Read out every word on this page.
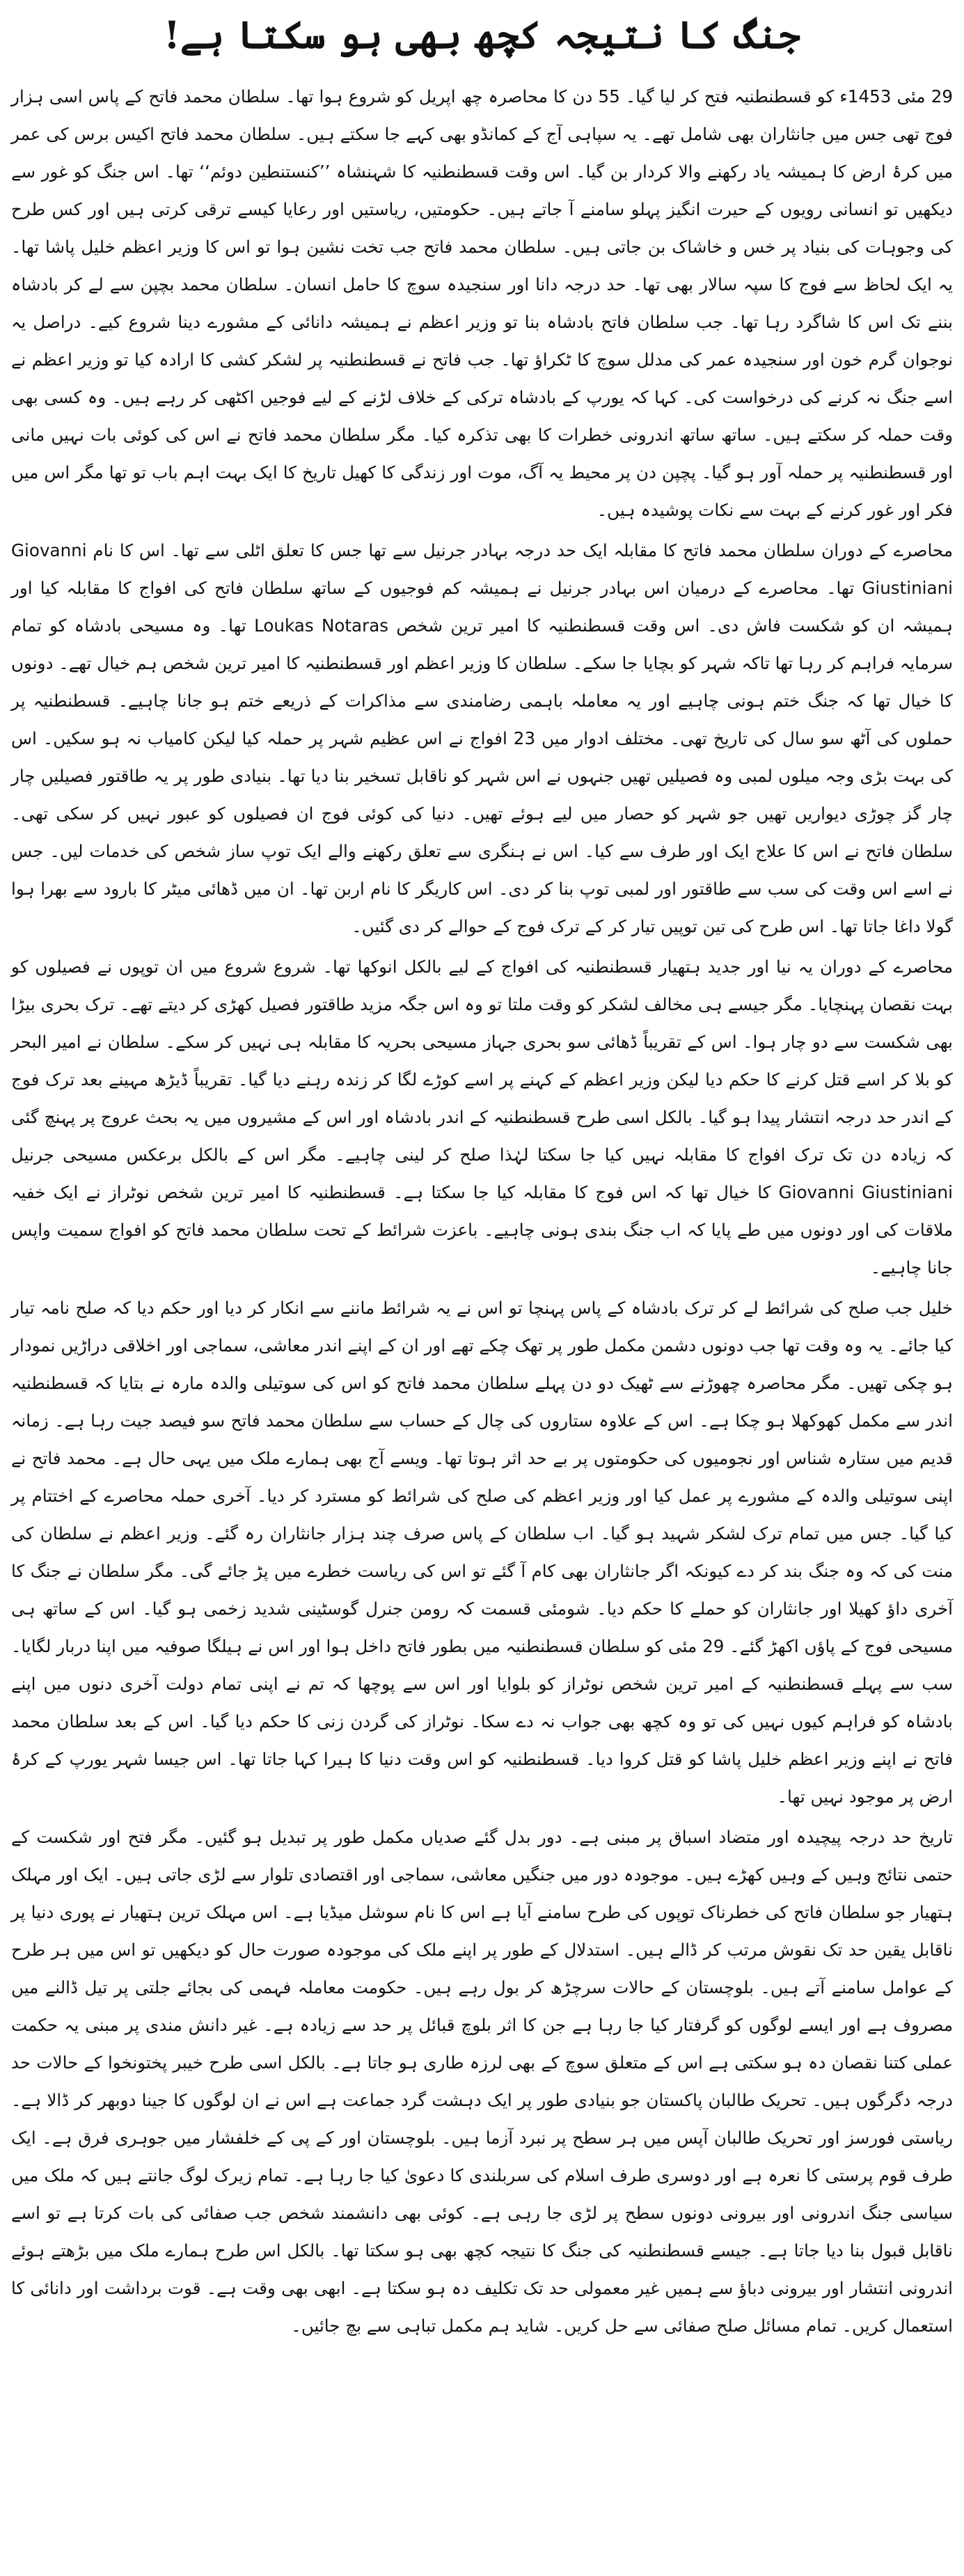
جنگ کا نتیجہ کچھ بھی ہو سکتا ہے!

29 مئی 1453ء کو قسطنطنیہ فتح کر لیا گیا۔ 55 دن کا محاصرہ چھ اپریل کو شروع ہوا تھا۔ سلطان محمد فاتح کے پاس اسی ہزار فوج تھی جس میں جانثاران بھی شامل تھے۔ یہ سپاہی آج کے کمانڈو بھی کہے جا سکتے ہیں۔ سلطان محمد فاتح اکیس برس کی عمر میں کرۂ ارض کا ہمیشہ یاد رکھنے والا کردار بن گیا۔ اس وقت قسطنطنیہ کا شہنشاہ ’’کنستنطین دوئم‘‘ تھا۔ اس جنگ کو غور سے دیکھیں تو انسانی رویوں کے حیرت انگیز پہلو سامنے آ جاتے ہیں۔ حکومتیں، ریاستیں اور رعایا کیسے ترقی کرتی ہیں اور کس طرح کی وجوہات کی بنیاد پر خس و خاشاک بن جاتی ہیں۔ سلطان محمد فاتح جب تخت نشین ہوا تو اس کا وزیر اعظم خلیل پاشا تھا۔ یہ ایک لحاظ سے فوج کا سپہ سالار بھی تھا۔ حد درجہ دانا اور سنجیدہ سوچ کا حامل انسان۔ سلطان محمد بچپن سے لے کر بادشاہ بننے تک اس کا شاگرد رہا تھا۔ جب سلطان فاتح بادشاہ بنا تو وزیر اعظم نے ہمیشہ دانائی کے مشورے دینا شروع کیے۔ دراصل یہ نوجوان گرم خون اور سنجیدہ عمر کی مدلل سوچ کا ٹکراؤ تھا۔ جب فاتح نے قسطنطنیہ پر لشکر کشی کا ارادہ کیا تو وزیر اعظم نے اسے جنگ نہ کرنے کی درخواست کی۔ کہا کہ یورپ کے بادشاہ ترکی کے خلاف لڑنے کے لیے فوجیں اکٹھی کر رہے ہیں۔ وہ کسی بھی وقت حملہ کر سکتے ہیں۔ ساتھ ساتھ اندرونی خطرات کا بھی تذکرہ کیا۔ مگر سلطان محمد فاتح نے اس کی کوئی بات نہیں مانی اور قسطنطنیہ پر حملہ آور ہو گیا۔ پچپن دن پر محیط یہ آگ، موت اور زندگی کا کھیل تاریخ کا ایک بہت اہم باب تو تھا مگر اس میں فکر اور غور کرنے کے بہت سے نکات پوشیدہ ہیں۔

محاصرے کے دوران سلطان محمد فاتح کا مقابلہ ایک حد درجہ بہادر جرنیل سے تھا جس کا تعلق اٹلی سے تھا۔ اس کا نام Giovanni Giustiniani تھا۔ محاصرے کے درمیان اس بہادر جرنیل نے ہمیشہ کم فوجیوں کے ساتھ سلطان فاتح کی افواج کا مقابلہ کیا اور ہمیشہ ان کو شکست فاش دی۔ اس وقت قسطنطنیہ کا امیر ترین شخص Loukas Notaras تھا۔ وہ مسیحی بادشاہ کو تمام سرمایہ فراہم کر رہا تھا تاکہ شہر کو بچایا جا سکے۔ سلطان کا وزیر اعظم اور قسطنطنیہ کا امیر ترین شخص ہم خیال تھے۔ دونوں کا خیال تھا کہ جنگ ختم ہونی چاہیے اور یہ معاملہ باہمی رضامندی سے مذاکرات کے ذریعے ختم ہو جانا چاہیے۔ قسطنطنیہ پر حملوں کی آٹھ سو سال کی تاریخ تھی۔ مختلف ادوار میں 23 افواج نے اس عظیم شہر پر حملہ کیا لیکن کامیاب نہ ہو سکیں۔ اس کی بہت بڑی وجہ میلوں لمبی وہ فصیلیں تھیں جنہوں نے اس شہر کو ناقابل تسخیر بنا دیا تھا۔ بنیادی طور پر یہ طاقتور فصیلیں چار چار گز چوڑی دیواریں تھیں جو شہر کو حصار میں لیے ہوئے تھیں۔ دنیا کی کوئی فوج ان فصیلوں کو عبور نہیں کر سکی تھی۔ سلطان فاتح نے اس کا علاج ایک اور طرف سے کیا۔ اس نے ہنگری سے تعلق رکھنے والے ایک توپ ساز شخص کی خدمات لیں۔ جس نے اسے اس وقت کی سب سے طاقتور اور لمبی توپ بنا کر دی۔ اس کاریگر کا نام اربن تھا۔ ان میں ڈھائی میٹر کا بارود سے بھرا ہوا گولا داغا جاتا تھا۔ اس طرح کی تین توپیں تیار کر کے ترک فوج کے حوالے کر دی گئیں۔

محاصرے کے دوران یہ نیا اور جدید ہتھیار قسطنطنیہ کی افواج کے لیے بالکل انوکھا تھا۔ شروع شروع میں ان توپوں نے فصیلوں کو بہت نقصان پہنچایا۔ مگر جیسے ہی مخالف لشکر کو وقت ملتا تو وہ اس جگہ مزید طاقتور فصیل کھڑی کر دیتے تھے۔ ترک بحری بیڑا بھی شکست سے دو چار ہوا۔ اس کے تقریباً ڈھائی سو بحری جہاز مسیحی بحریہ کا مقابلہ ہی نہیں کر سکے۔ سلطان نے امیر البحر کو بلا کر اسے قتل کرنے کا حکم دیا لیکن وزیر اعظم کے کہنے پر اسے کوڑے لگا کر زندہ رہنے دیا گیا۔ تقریباً ڈیڑھ مہینے بعد ترک فوج کے اندر حد درجہ انتشار پیدا ہو گیا۔ بالکل اسی طرح قسطنطنیہ کے اندر بادشاہ اور اس کے مشیروں میں یہ بحث عروج پر پہنچ گئی کہ زیادہ دن تک ترک افواج کا مقابلہ نہیں کیا جا سکتا لہٰذا صلح کر لینی چاہیے۔ مگر اس کے بالکل برعکس مسیحی جرنیل Giovanni Giustiniani کا خیال تھا کہ اس فوج کا مقابلہ کیا جا سکتا ہے۔ قسطنطنیہ کا امیر ترین شخص نوٹراز نے ایک خفیہ ملاقات کی اور دونوں میں طے پایا کہ اب جنگ بندی ہونی چاہیے۔ باعزت شرائط کے تحت سلطان محمد فاتح کو افواج سمیت واپس جانا چاہیے۔

خلیل جب صلح کی شرائط لے کر ترک بادشاہ کے پاس پہنچا تو اس نے یہ شرائط ماننے سے انکار کر دیا اور حکم دیا کہ صلح نامہ تیار کیا جائے۔ یہ وہ وقت تھا جب دونوں دشمن مکمل طور پر تھک چکے تھے اور ان کے اپنے اندر معاشی، سماجی اور اخلاقی دراڑیں نمودار ہو چکی تھیں۔ مگر محاصرہ چھوڑنے سے ٹھیک دو دن پہلے سلطان محمد فاتح کو اس کی سوتیلی والدہ مارہ نے بتایا کہ قسطنطنیہ اندر سے مکمل کھوکھلا ہو چکا ہے۔ اس کے علاوہ ستاروں کی چال کے حساب سے سلطان محمد فاتح سو فیصد جیت رہا ہے۔ زمانہ قدیم میں ستارہ شناس اور نجومیوں کی حکومتوں پر بے حد اثر ہوتا تھا۔ ویسے آج بھی ہمارے ملک میں یہی حال ہے۔ محمد فاتح نے اپنی سوتیلی والدہ کے مشورے پر عمل کیا اور وزیر اعظم کی صلح کی شرائط کو مسترد کر دیا۔ آخری حملہ محاصرے کے اختتام پر کیا گیا۔ جس میں تمام ترک لشکر شہید ہو گیا۔ اب سلطان کے پاس صرف چند ہزار جانثاران رہ گئے۔ وزیر اعظم نے سلطان کی منت کی کہ وہ جنگ بند کر دے کیونکہ اگر جانثاران بھی کام آ گئے تو اس کی ریاست خطرے میں پڑ جائے گی۔ مگر سلطان نے جنگ کا آخری داؤ کھیلا اور جانثاران کو حملے کا حکم دیا۔ شومئی قسمت کہ رومن جنرل گوسٹینی شدید زخمی ہو گیا۔ اس کے ساتھ ہی مسیحی فوج کے پاؤں اکھڑ گئے۔ 29 مئی کو سلطان قسطنطنیہ میں بطور فاتح داخل ہوا اور اس نے ہیلگا صوفیہ میں اپنا دربار لگایا۔ سب سے پہلے قسطنطنیہ کے امیر ترین شخص نوٹراز کو بلوایا اور اس سے پوچھا کہ تم نے اپنی تمام دولت آخری دنوں میں اپنے بادشاہ کو فراہم کیوں نہیں کی تو وہ کچھ بھی جواب نہ دے سکا۔ نوٹراز کی گردن زنی کا حکم دیا گیا۔ اس کے بعد سلطان محمد فاتح نے اپنے وزیر اعظم خلیل پاشا کو قتل کروا دیا۔ قسطنطنیہ کو اس وقت دنیا کا ہیرا کہا جاتا تھا۔ اس جیسا شہر یورپ کے کرۂ ارض پر موجود نہیں تھا۔

تاریخ حد درجہ پیچیدہ اور متضاد اسباق پر مبنی ہے۔ دور بدل گئے صدیاں مکمل طور پر تبدیل ہو گئیں۔ مگر فتح اور شکست کے حتمی نتائج وہیں کے وہیں کھڑے ہیں۔ موجودہ دور میں جنگیں معاشی، سماجی اور اقتصادی تلوار سے لڑی جاتی ہیں۔ ایک اور مہلک ہتھیار جو سلطان فاتح کی خطرناک توپوں کی طرح سامنے آیا ہے اس کا نام سوشل میڈیا ہے۔ اس مہلک ترین ہتھیار نے پوری دنیا پر ناقابل یقین حد تک نقوش مرتب کر ڈالے ہیں۔ استدلال کے طور پر اپنے ملک کی موجودہ صورت حال کو دیکھیں تو اس میں ہر طرح کے عوامل سامنے آتے ہیں۔ بلوچستان کے حالات سرچڑھ کر بول رہے ہیں۔ حکومت معاملہ فہمی کی بجائے جلتی پر تیل ڈالنے میں مصروف ہے اور ایسے لوگوں کو گرفتار کیا جا رہا ہے جن کا اثر بلوچ قبائل پر حد سے زیادہ ہے۔ غیر دانش مندی پر مبنی یہ حکمت عملی کتنا نقصان دہ ہو سکتی ہے اس کے متعلق سوچ کے بھی لرزہ طاری ہو جاتا ہے۔ بالکل اسی طرح خیبر پختونخوا کے حالات حد درجہ دگرگوں ہیں۔ تحریک طالبان پاکستان جو بنیادی طور پر ایک دہشت گرد جماعت ہے اس نے ان لوگوں کا جینا دوبھر کر ڈالا ہے۔ ریاستی فورسز اور تحریک طالبان آپس میں ہر سطح پر نبرد آزما ہیں۔ بلوچستان اور کے پی کے خلفشار میں جوہری فرق ہے۔ ایک طرف قوم پرستی کا نعرہ ہے اور دوسری طرف اسلام کی سربلندی کا دعویٰ کیا جا رہا ہے۔ تمام زیرک لوگ جانتے ہیں کہ ملک میں سیاسی جنگ اندرونی اور بیرونی دونوں سطح پر لڑی جا رہی ہے۔ کوئی بھی دانشمند شخص جب صفائی کی بات کرتا ہے تو اسے ناقابل قبول بنا دیا جاتا ہے۔ جیسے قسطنطنیہ کی جنگ کا نتیجہ کچھ بھی ہو سکتا تھا۔ بالکل اس طرح ہمارے ملک میں بڑھتے ہوئے اندرونی انتشار اور بیرونی دباؤ سے ہمیں غیر معمولی حد تک تکلیف دہ ہو سکتا ہے۔ ابھی بھی وقت ہے۔ قوت برداشت اور دانائی کا استعمال کریں۔ تمام مسائل صلح صفائی سے حل کریں۔ شاید ہم مکمل تباہی سے بچ جائیں۔
